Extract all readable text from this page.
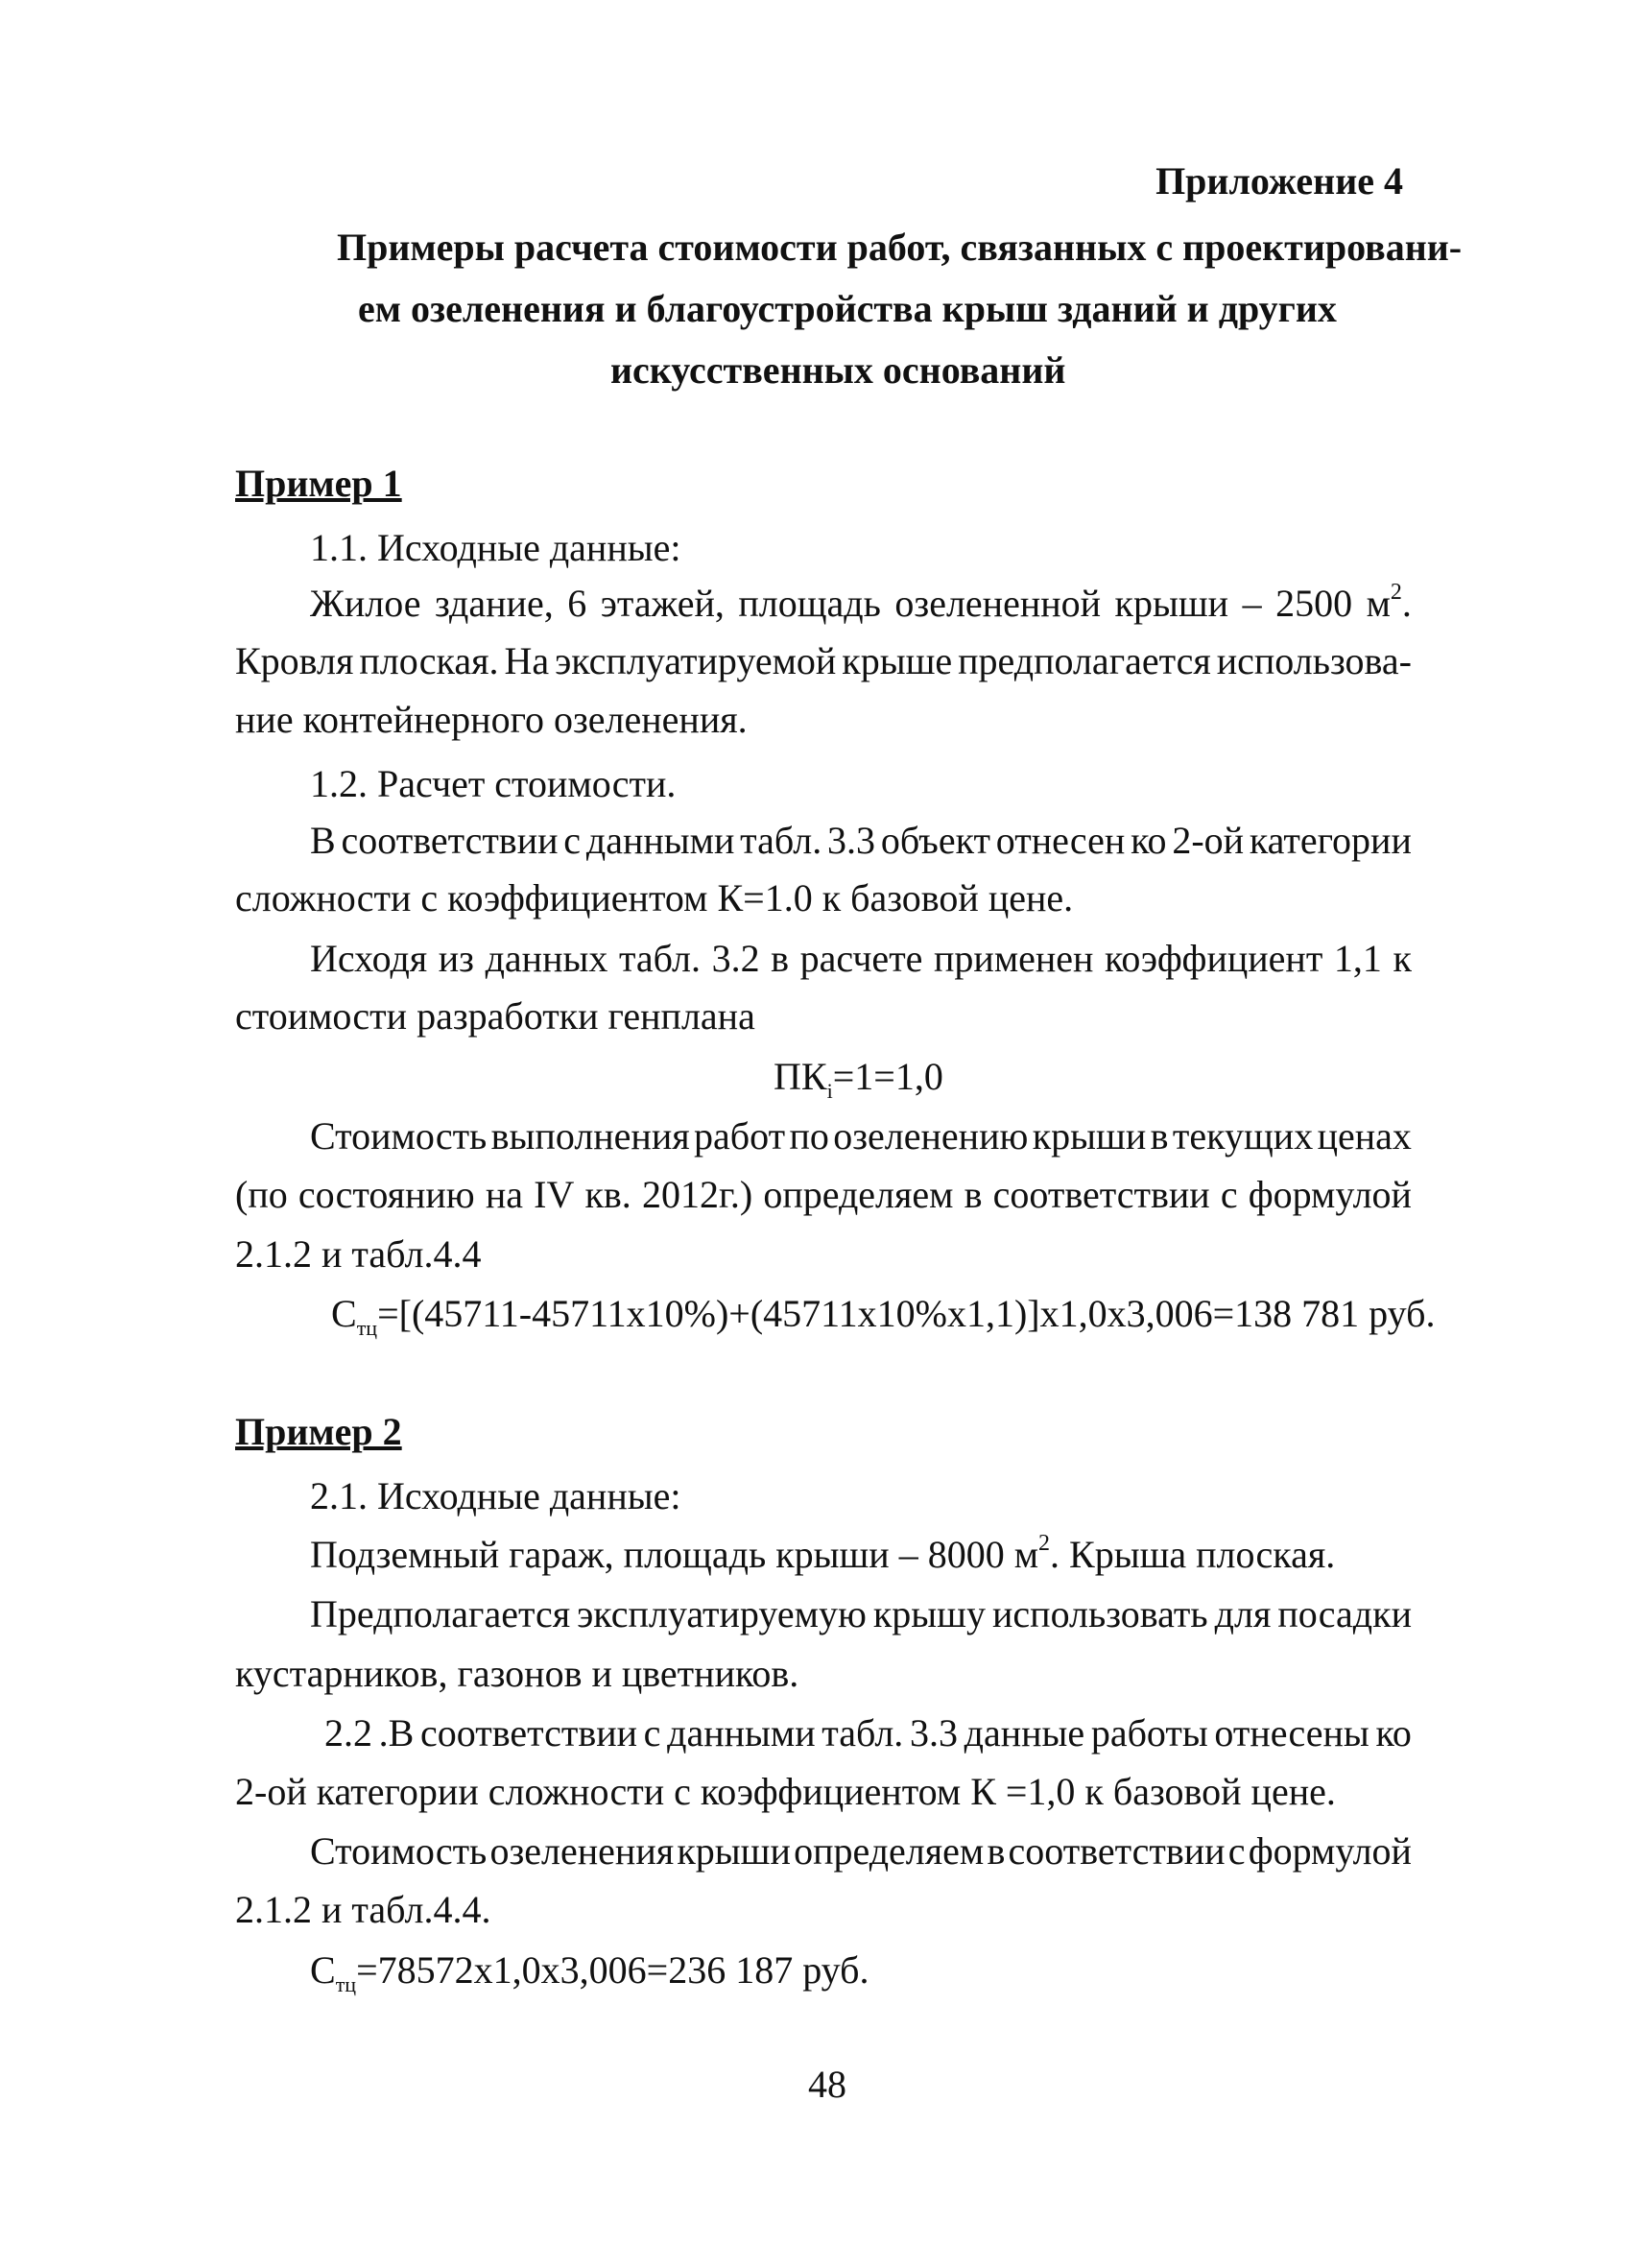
Приложение 4
Примеры расчета стоимости работ, связанных с проектировани-
ем озеленения и благоустройства крыш зданий и других
искусственных оснований
Пример 1
1.1. Исходные данные:
Жилое здание, 6 этажей, площадь озелененной крыши – 2500 $м^2$.
Кровля плоская. На эксплуатируемой крыше предполагается использова-
ние контейнерного озеленения.
1.2. Расчет стоимости.
В соответствии с данными табл. 3.3 объект отнесен ко 2-ой категории
сложности с коэффициентом К=1.0 к базовой цене.
Исходя из данных табл. 3.2 в расчете применен коэффициент 1,1 к
стоимости разработки генплана
$ПК_i=1=1,0$
Стоимость выполнения работ по озеленению крыши в текущих ценах
(по состоянию на IV кв. 2012г.) определяем в соответствии с формулой
2.1.2 и табл.4.4
$С_{тц}=[(45711-45711х10\%)+(45711х10\%х1,1)]х1,0х3,006=138$ 781 руб.
Пример 2
2.1. Исходные данные:
Подземный гараж, площадь крыши – 8000 $м^2$. Крыша плоская.
Предполагается эксплуатируемую крышу использовать для посадки
кустарников, газонов и цветников.
2.2 .В соответствии с данными табл. 3.3 данные работы отнесены ко
2-ой категории сложности с коэффициентом К =1,0 к базовой цене.
Стоимость озеленения крыши определяем в соответствии с формулой
2.1.2 и табл.4.4.
$С_{тц}=78572х1,0х3,006=236$ 187 руб.
48
